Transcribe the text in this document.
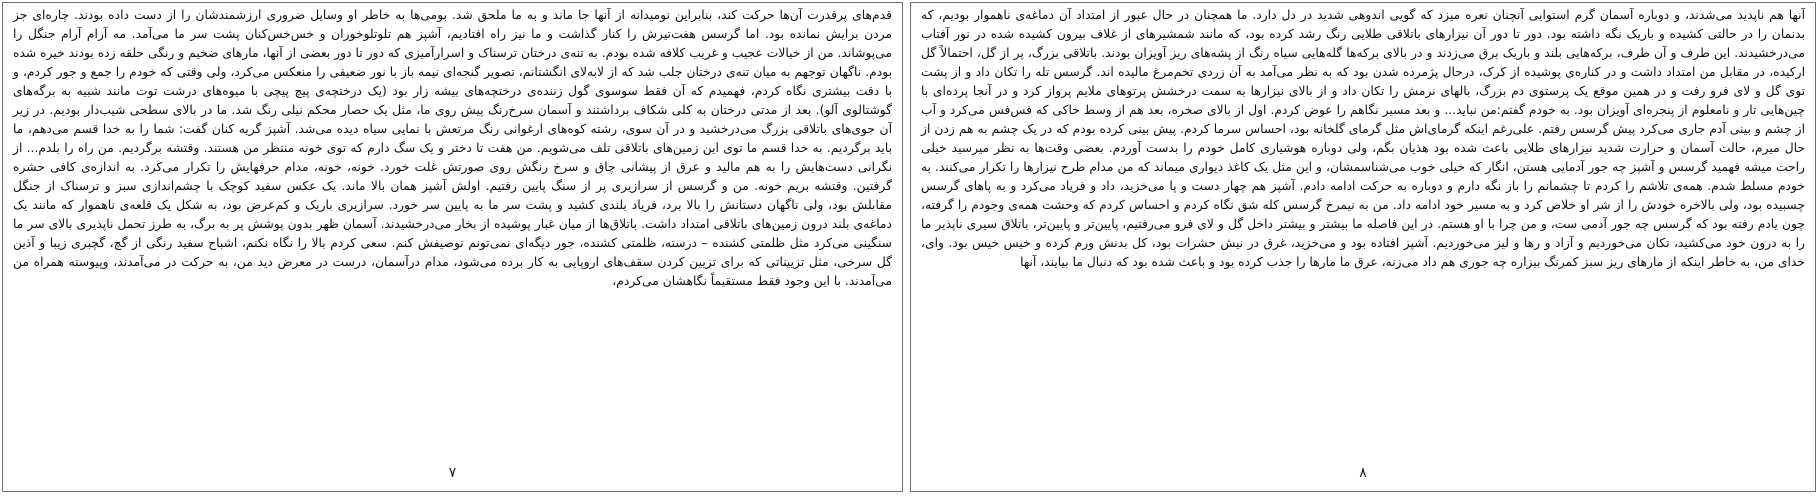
آنها هم ناپدید می‌شدند، و دوباره آسمان گرم استوایی آنچنان نعره میزد که گویی اندوهی شدید در دل دارد. ما همچنان در حال عبور از امتداد آن دماغه‌ی ناهموار بودیم، که بدنمان را در حالتی کشیده و باریک نگه داشته بود. دور تا دور آن نیزارهای باتلاقی طلایی رنگ رشد کرده بود، که مانند شمشیرهای از غلاف بیرون کشیده شده در نور آفتاب می‌درخشیدند. این طرف و آن طرف، برکه‌هایی بلند و باریک برق می‌زدند و در بالای برکه‌ها گله‌هایی سیاه رنگ از پشه‌های ریز آویزان بودند. باتلاقی بزرگ، پر از گل، احتمالاً گل ارکیده، در مقابل من امتداد داشت و در کناره‌ی پوشیده از کرک، درحال پژمرده شدن بود که به نظر می‌آمد به آن زردی تخم‌مرغ مالیده اند. گرسس تله را تکان داد و از پشت توی گل و لای فرو رفت و در همین موقع یک پرستوی دم بزرگ، بالهای نرمش را تکان داد و از بالای نیزارها به سمت درخشش پرتوهای ملایم پرواز کرد و در آنجا پرده‌ای با چین‌هایی تار و نامعلوم از پنجره‌ای آویزان بود. به خودم گفتم:من نباید... و بعد مسیر نگاهم را عوض کردم. اول از بالای صخره، بعد هم از وسط خاکی که فس‌فس می‌کرد و آب از چشم و بینی آدم جاری می‌کرد پیش گرسس رفتم. علی‌رغم اینکه گرمای‌اش مثل گرمای گلخانه بود، احساس سرما کردم. پیش بینی کرده بودم که در یک چشم به هم زدن از حال میرم، حالت آسمان و حرارت شدید نیزارهای طلایی باعث شده بود هذیان بگم، ولی دوباره هوشیاری کامل خودم را بدست آوردم. بعضی وقت‌ها به نظر میرسید خیلی راحت میشه فهمید گرسس و آشپز چه جور آدمایی هستن، انگار که خیلی خوب می‌شناسمشان، و این مثل یک کاغذ دیواری میماند که من مدام طرح نیزارها را تکرار می‌کنند. به خودم مسلط شدم. همه‌ی تلاشم را کردم تا چشمانم را باز نگه دارم و دوباره به حرکت ادامه دادم. آشپز هم چهار دست و پا می‌خزید، داد و فریاد می‌کرد و به پاهای گرسس چسبیده بود، ولی بالاخره خودش را از شر او خلاص کرد و به مسیر خود ادامه داد. من به نیمرخ گرسس کله شق نگاه کردم و احساس کردم که وحشت همه‌ی وجودم را گرفته، چون یادم رفته بود که گرسس چه جور آدمی ست، و من چرا با او هستم. در این فاصله ما بیشتر و بیشتر داخل گل و لای فرو می‌رفتیم، پایین‌تر و پایین‌تر، باتلاق سیری ناپذیر ما را به درون خود می‌کشید، تکان می‌خوردیم و آزاد و رها و لیز می‌خوردیم. آشپز افتاده بود و می‌خزید، غرق در نیش حشرات بود، کل بدنش ورم کرده و خیس خیس بود. وای، خدای من، به خاطر اینکه از مارهای ریز سبز کمرنگ بیزاره چه جوری هم داد می‌زنه، عرق ما مارها را جذب کرده بود و باعث شده بود که دنبال ما بیایند، آنها

۸

قدم‌های پرقدرت آن‌ها حرکت کند، بنابراین نومیدانه از آنها جا ماند و به ما ملحق شد. بومی‌ها به خاطر او وسایل ضروری ارزشمندشان را از دست داده بودند. چاره‌ای جز مردن برایش نمانده بود. اما گرسس هفت‌تیرش را کنار گذاشت و ما نیز راه افتادیم، آشپز هم تلوتلوخوران و خس‌خس‌کنان پشت سر ما می‌آمد. مه آرام آرام جنگل را می‌پوشاند. من از خیالات عجیب و غریب کلافه شده بودم. به تنه‌ی درختان ترسناک و اسرارآمیزی که دور تا دور بعضی از آنها، مارهای ضخیم و رنگی حلقه زده بودند خیره شده بودم. ناگهان توجهم به میان تنه‌ی درختان جلب شد که از لابه‌لای انگشتانم، تصویر گنجه‌ای نیمه باز با نور ضعیفی را منعکس می‌کرد، ولی وقتی که خودم را جمع و جور کردم، و با دقت بیشتری نگاه کردم، فهمیدم که آن فقط سوسوی گول زننده‌ی درختچه‌های بیشه زار بود (یک درختچه‌ی پیچ پیچی با میوه‌های درشت توت مانند شبیه به برگه‌های گوشتالوی آلو). بعد از مدتی درختان به کلی شکاف برداشتند و آسمان سرخ‌رنگ پیش روی ما، مثل یک حصار محکم نیلی رنگ شد. ما در بالای سطحی شیب‌دار بودیم. در زیر آن جوی‌های باتلاقی بزرگ می‌درخشید و در آن سوی، رشته کوه‌های ارغوانی رنگ مرتعش با نمایی سیاه دیده می‌شد. آشپز گریه کنان گفت: شما را به خدا قسم می‌دهم، ما باید برگردیم. به خدا قسم ما توی این زمین‌های باتلاقی تلف می‌شویم. من هفت تا دختر و یک سگ دارم که توی خونه منتظر من هستند. وقتشه برگردیم. من راه را بلدم... از نگرانی دست‌هایش را به هم مالید و عرق از پیشانی چاق و سرخ رنگش روی صورتش غلت خورد. خونه، خونه، مدام حرفهایش را تکرار می‌کرد. به اندازه‌ی کافی حشره گرفتین. وقتشه بریم خونه. من و گرسس از سرازیری پر از سنگ پایین رفتیم. اولش آشپز همان بالا ماند. یک عکس سفید کوچک با چشم‌اندازی سبز و ترسناک از جنگل مقابلش بود، ولی ناگهان دستانش را بالا برد، فریاد بلندی کشید و پشت سر ما به پایین سر خورد. سرازیری باریک و کم‌عرض بود، به شکل یک قلعه‌ی ناهموار که مانند یک دماغه‌ی بلند درون زمین‌های باتلاقی امتداد داشت. باتلاق‌ها از میان غبار پوشیده از بخار می‌درخشیدند. آسمان ظهر بدون پوشش پر به برگ، به طرز تحمل ناپذیری بالای سر ما سنگینی می‌کرد مثل ظلمتی کشنده – درسته، ظلمتی کشنده، جور دیگه‌ای نمی‌تونم توصیفش کنم. سعی کردم بالا را نگاه نکنم، اشباح سفید رنگی از گچ، گچبری زیبا و آذین گل سرخی، مثل تزیيناتی که برای تزیین کردن سقف‌های اروپایی به کار برده می‌شود، مدام درآسمان، درست در معرض دید من، به حرکت در می‌آمدند، وپیوسته همراه من می‌آمدند. با این وجود فقط مستقیماً نگاهشان می‌کردم،

۷
